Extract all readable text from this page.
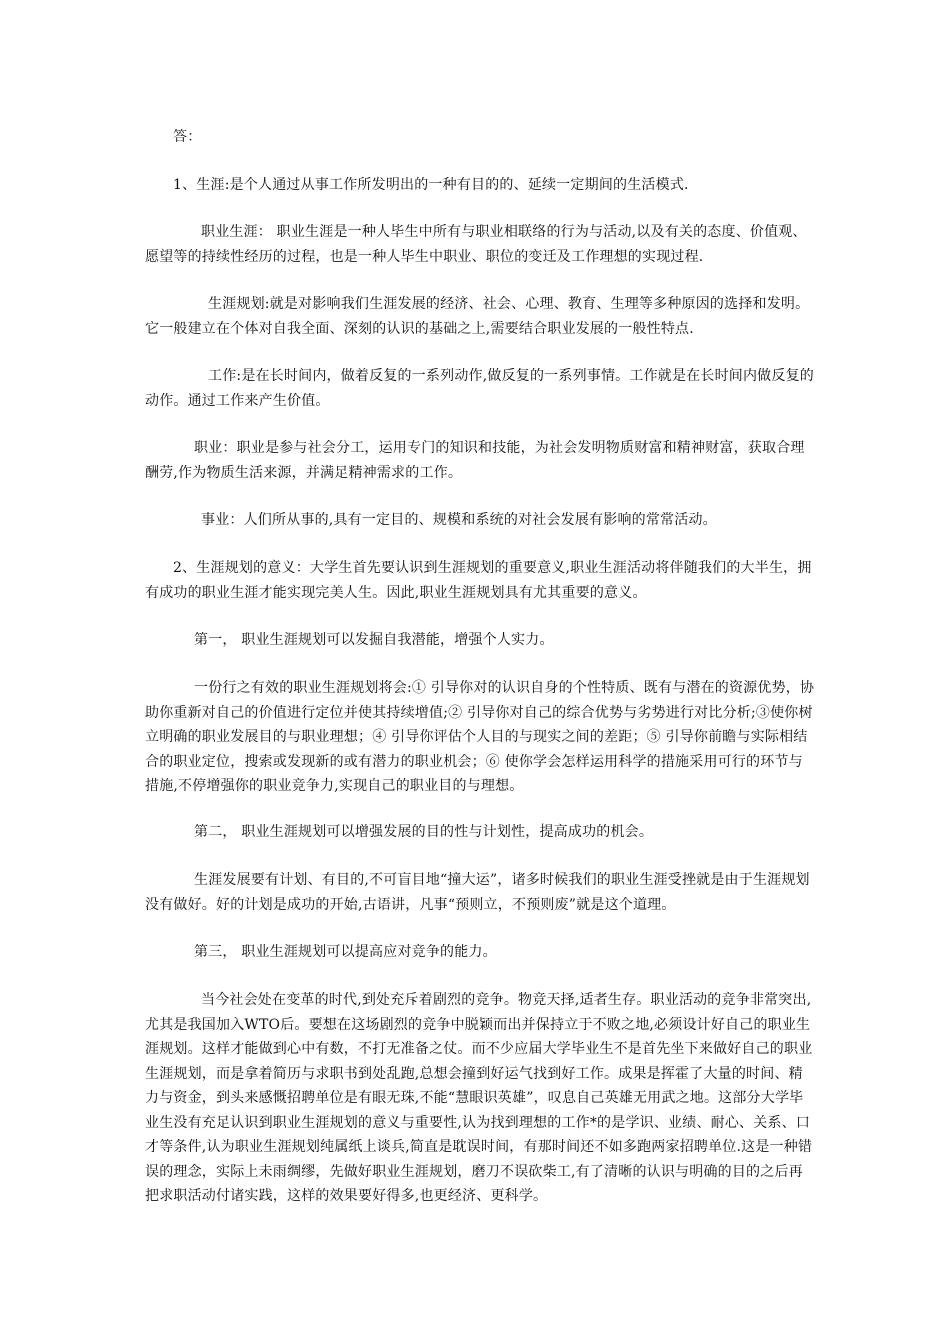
答：

1、生涯:是个人通过从事工作所发明出的一种有目的的、延续一定期间的生活模式.

职业生涯： 职业生涯是一种人毕生中所有与职业相联络的行为与活动,以及有关的态度、价值观、愿望等的持续性经历的过程，也是一种人毕生中职业、职位的变迁及工作理想的实现过程.

生涯规划:就是对影响我们生涯发展的经济、社会、心理、教育、生理等多种原因的选择和发明。它一般建立在个体对自我全面、深刻的认识的基础之上,需要结合职业发展的一般性特点.

工作:是在长时间内，做着反复的一系列动作,做反复的一系列事情。工作就是在长时间内做反复的动作。通过工作来产生价值。

职业：职业是参与社会分工，运用专门的知识和技能，为社会发明物质财富和精神财富，获取合理酬劳,作为物质生活来源，并满足精神需求的工作。

事业：人们所从事的,具有一定目的、规模和系统的对社会发展有影响的常常活动。

2、生涯规划的意义：大学生首先要认识到生涯规划的重要意义,职业生涯活动将伴随我们的大半生，拥有成功的职业生涯才能实现完美人生。因此,职业生涯规划具有尤其重要的意义。

第一， 职业生涯规划可以发掘自我潜能，增强个人实力。

一份行之有效的职业生涯规划将会:① 引导你对的认识自身的个性特质、既有与潜在的资源优势，协助你重新对自己的价值进行定位并使其持续增值;② 引导你对自己的综合优势与劣势进行对比分析;③使你树立明确的职业发展目的与职业理想；④ 引导你评估个人目的与现实之间的差距；⑤ 引导你前瞻与实际相结合的职业定位，搜索或发现新的或有潜力的职业机会；⑥ 使你学会怎样运用科学的措施采用可行的环节与措施,不停增强你的职业竞争力,实现自己的职业目的与理想。

第二， 职业生涯规划可以增强发展的目的性与计划性，提高成功的机会。

生涯发展要有计划、有目的,不可盲目地“撞大运”，诸多时候我们的职业生涯受挫就是由于生涯规划没有做好。好的计划是成功的开始,古语讲，凡事“预则立，不预则废”就是这个道理。

第三， 职业生涯规划可以提高应对竞争的能力。

当今社会处在变革的时代,到处充斥着剧烈的竞争。物竞天择,适者生存。职业活动的竞争非常突出,尤其是我国加入WTO后。要想在这场剧烈的竞争中脱颖而出并保持立于不败之地,必须设计好自己的职业生涯规划。这样才能做到心中有数，不打无准备之仗。而不少应届大学毕业生不是首先坐下来做好自己的职业生涯规划，而是拿着简历与求职书到处乱跑,总想会撞到好运气找到好工作。成果是挥霍了大量的时间、精力与资金，到头来感慨招聘单位是有眼无珠,不能“慧眼识英雄”，叹息自己英雄无用武之地。这部分大学毕业生没有充足认识到职业生涯规划的意义与重要性,认为找到理想的工作*的是学识、业绩、耐心、关系、口才等条件,认为职业生涯规划纯属纸上谈兵,简直是耽误时间，有那时间还不如多跑两家招聘单位.这是一种错误的理念，实际上未雨绸缪，先做好职业生涯规划，磨刀不误砍柴工,有了清晰的认识与明确的目的之后再把求职活动付诸实践，这样的效果要好得多,也更经济、更科学。
